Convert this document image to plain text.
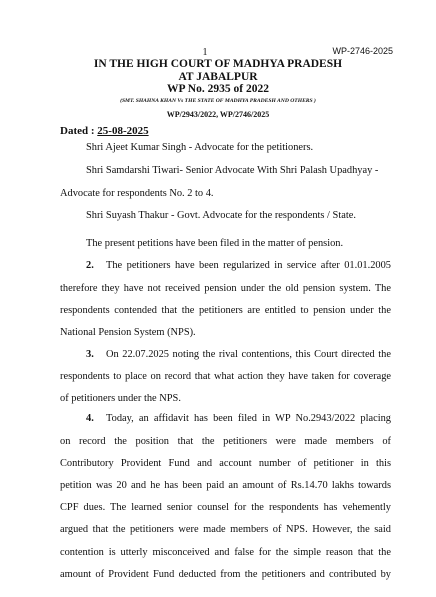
1	WP-2746-2025
IN THE HIGH COURT OF MADHYA PRADESH
AT JABALPUR
WP No. 2935 of 2022
(SMT. SHAHNA KHAN Vs THE STATE OF MADHYA PRADESH AND OTHERS )
WP/2943/2022, WP/2746/2025
Dated : 25-08-2025
Shri Ajeet Kumar Singh - Advocate for the petitioners.
Shri Samdarshi Tiwari- Senior Advocate With Shri Palash Upadhyay -
Advocate for respondents No. 2 to 4.
Shri Suyash Thakur - Govt. Advocate for the respondents / State.
The present petitions have been filed in the matter of pension.
2.	The petitioners have been regularized in service after 01.01.2005
therefore they have not received pension under the old pension system. The
respondents contended that the petitioners are entitled to pension under the
National Pension System (NPS).
3.	On 22.07.2025 noting the rival contentions, this Court directed the
respondents to place on record that what action they have taken for coverage
of petitioners under the NPS.
4.	Today, an affidavit has been filed in WP No.2943/2022 placing
on record the position that the petitioners were made members of
Contributory Provident Fund and account number of petitioner in this
petition was 20 and he has been paid an amount of Rs.14.70 lakhs towards
CPF dues. The learned senior counsel for the respondents has vehemently
argued that the petitioners were made members of NPS. However, the said
contention is utterly misconceived and false for the simple reason that the
amount of Provident Fund deducted from the petitioners and contributed by
